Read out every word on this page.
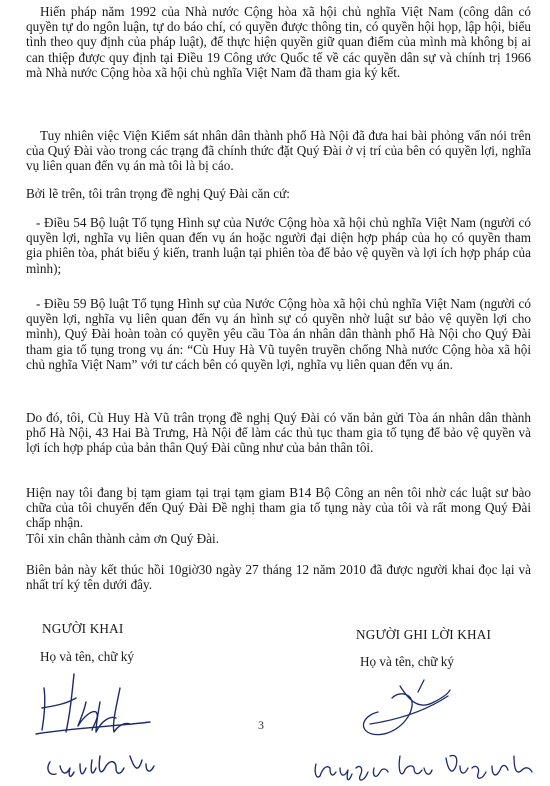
Hiến pháp năm 1992 của Nhà nước Cộng hòa xã hội chủ nghĩa Việt Nam (công dân có quyền tự do ngôn luận, tự do báo chí, có quyền được thông tin, có quyền hội họp, lập hội, biểu tình theo quy định của pháp luật), để thực hiện quyền giữ quan điểm của mình mà không bị ai can thiệp được quy định tại Điều 19 Công ước Quốc tế về các quyền dân sự và chính trị 1966 mà Nhà nước Cộng hòa xã hội chủ nghĩa Việt Nam đã tham gia ký kết.

Tuy nhiên việc Viện Kiểm sát nhân dân thành phố Hà Nội đã đưa hai bài phỏng vấn nói trên của Quý Đài vào trong các trạng đã chính thức đặt Quý Đài ở vị trí của bên có quyền lợi, nghĩa vụ liên quan đến vụ án mà tôi là bị cáo.

Bởi lẽ trên, tôi trân trọng đề nghị Quý Đài căn cứ:

- Điều 54 Bộ luật Tố tụng Hình sự của Nước Cộng hòa xã hội chủ nghĩa Việt Nam (người có quyền lợi, nghĩa vụ liên quan đến vụ án hoặc người đại diện hợp pháp của họ có quyền tham gia phiên tòa, phát biểu ý kiến, tranh luận tại phiên tòa để bảo vệ quyền và lợi ích hợp pháp của mình);

- Điều 59 Bộ luật Tố tụng Hình sự của Nước Cộng hòa xã hội chủ nghĩa Việt Nam (người có quyền lợi, nghĩa vụ liên quan đến vụ án hình sự có quyền nhờ luật sư bảo vệ quyền lợi cho mình), Quý Đài hoàn toàn có quyền yêu cầu Tòa án nhân dân thành phố Hà Nội cho Quý Đài tham gia tố tụng trong vụ án: “Cù Huy Hà Vũ tuyên truyền chống Nhà nước Cộng hòa xã hội chủ nghĩa Việt Nam” với tư cách bên có quyền lợi, nghĩa vụ liên quan đến vụ án.

Do đó, tôi, Cù Huy Hà Vũ trân trọng đề nghị Quý Đài có văn bản gửi Tòa án nhân dân thành phố Hà Nội, 43 Hai Bà Trưng, Hà Nội để làm các thủ tục tham gia tố tụng để bảo vệ quyền và lợi ích hợp pháp của bản thân Quý Đài cũng như của bản thân tôi.

Hiện nay tôi đang bị tạm giam tại trại tạm giam B14 Bộ Công an nên tôi nhờ các luật sư bào chữa của tôi chuyển đến Quý Đài Đề nghị tham gia tố tụng này của tôi và rất mong Quý Đài chấp nhận.

Tôi xin chân thành cảm ơn Quý Đài.

Biên bản này kết thúc hồi 10giờ30 ngày 27 tháng 12 năm 2010 đã được người khai đọc lại và nhất trí ký tên dưới đây.

NGƯỜI KHAI
Họ và tên, chữ ký
3
NGƯỜI GHI LỜI KHAI
Họ và tên, chữ ký
